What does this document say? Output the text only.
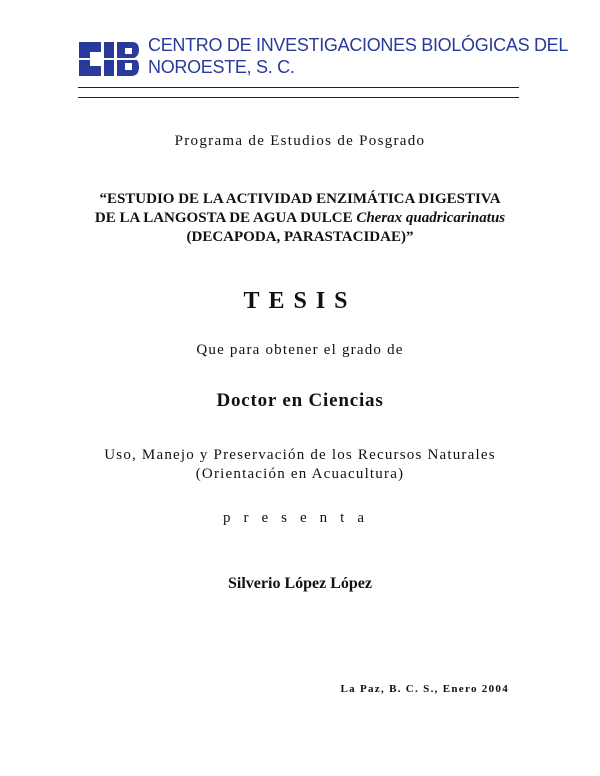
CENTRO DE INVESTIGACIONES BIOLÓGICAS DEL
NOROESTE, S. C.
Programa de Estudios de Posgrado
“ESTUDIO DE LA ACTIVIDAD ENZIMÁTICA DIGESTIVA
DE LA LANGOSTA DE AGUA DULCE Cherax quadricarinatus
(DECAPODA, PARASTACIDAE)”
TESIS
Que para obtener el grado de
Doctor en Ciencias
Uso, Manejo y Preservación de los Recursos Naturales
(Orientación en Acuacultura)
presenta
Silverio López López
La Paz, B. C. S., Enero 2004
